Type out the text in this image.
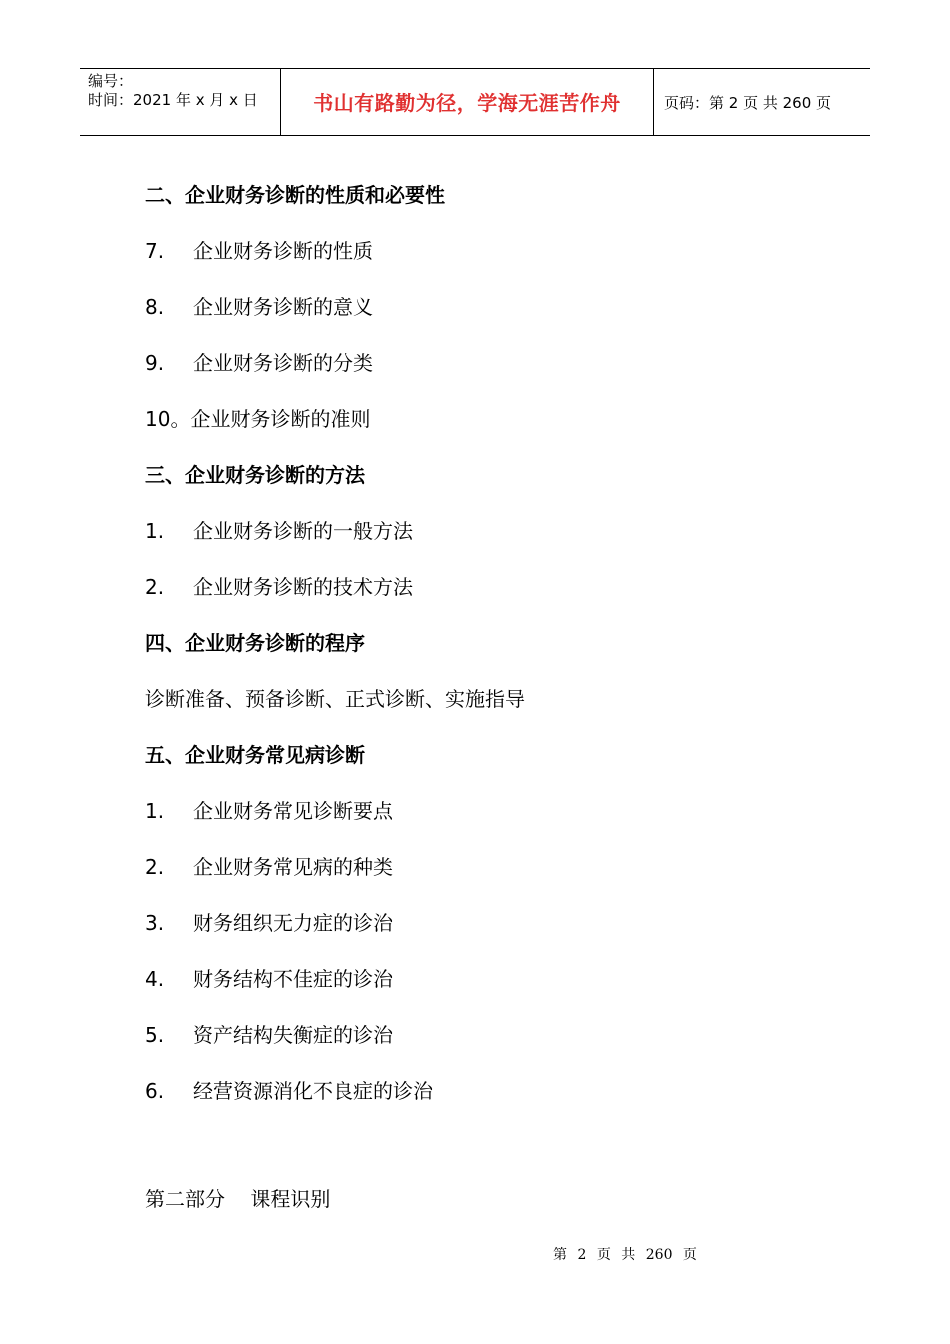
编号：
时间：2021 年 x 月 x 日	书山有路勤为径，学海无涯苦作舟	页码：第 2 页 共 260 页
二、企业财务诊断的性质和必要性
7. 企业财务诊断的性质
8. 企业财务诊断的意义
9. 企业财务诊断的分类
10。企业财务诊断的准则
三、企业财务诊断的方法
1. 企业财务诊断的一般方法
2. 企业财务诊断的技术方法
四、企业财务诊断的程序
诊断准备、预备诊断、正式诊断、实施指导
五、企业财务常见病诊断
1. 企业财务常见诊断要点
2. 企业财务常见病的种类
3. 财务组织无力症的诊治
4. 财务结构不佳症的诊治
5. 资产结构失衡症的诊治
6. 经营资源消化不良症的诊治
第二部分    课程识别
第 2 页 共 260 页
